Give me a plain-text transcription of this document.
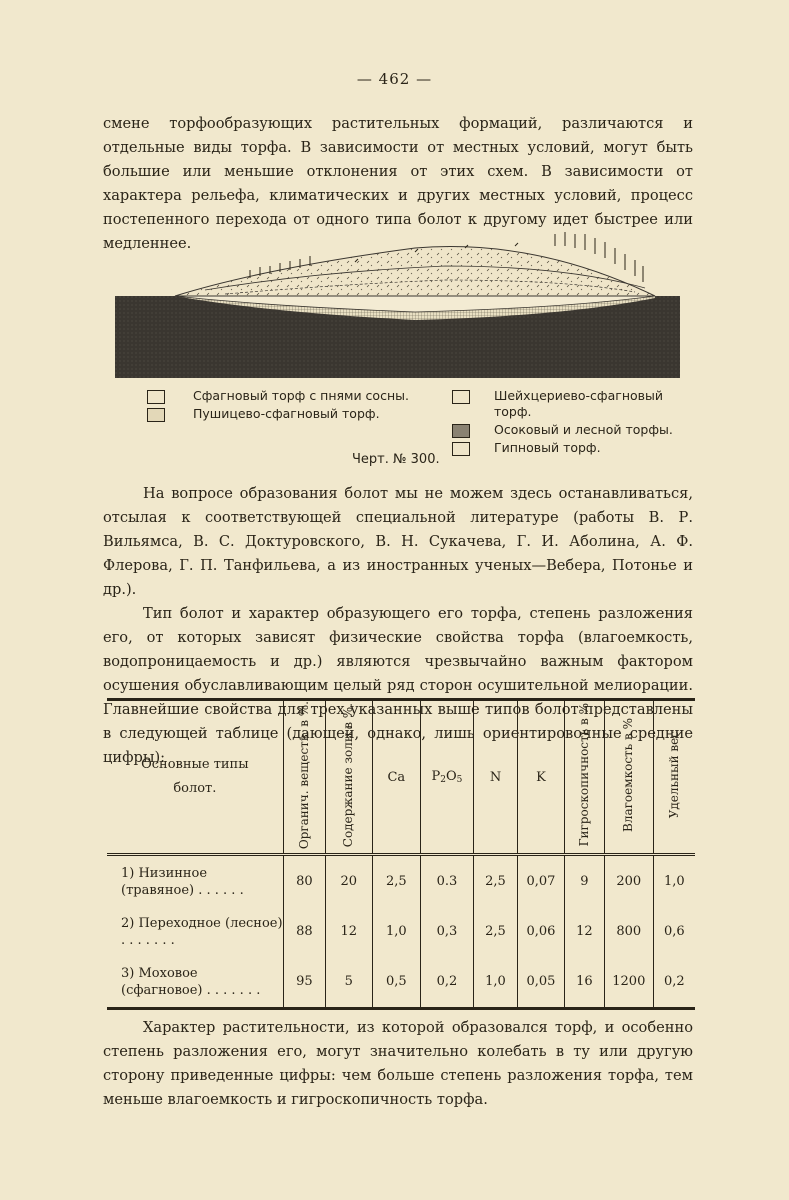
— 462 —

смене торфообразующих растительных формаций, различаются и отдельные виды торфа. В зависимости от местных условий, могут быть большие или меньшие отклонения от этих схем. В зависимости от характера рельефа, климатических и других местных условий, процесс постепенного перехода от одного типа болот к другому идет быстрее или медленнее.

Сфагновый торф с пнями сосны.
Пушицево-сфагновый торф.
Шейхцериево-сфагновый торф.
Осоковый и лесной торфы.
Гипновый торф.
Черт. № 300.

На вопросе образования болот мы не можем здесь останавливаться, отсылая к соответствующей специальной литературе (работы В. Р. Вильямса, В. С. Доктуровского, В. Н. Сукачева, Г. И. Аболина, А. Ф. Флерова, Г. П. Танфильева, а из иностранных ученых—Вебера, Потонье и др.).

Тип болот и характер образующего его торфа, степень разложения его, от которых зависят физические свойства торфа (влагоемкость, водопроницаемость и др.) являются чрезвычайно важным фактором осушения обуславливающим целый ряд сторон осушительной мелиорации. Главнейшие свойства для трех указанных выше типов болот представлены в следующей таблице (дающей, однако, лишь ориентировочные средние цифры):

Основные типы болот.	Органич. веществ. в %.	Содержание золы в %.	Ca	$P_2O_5$	N	K	Гигроскопичность в %	Влагоемкость в %	Удельный вес
1) Низинное (травяное) . . . . . .	80	20	2,5	0.3	2,5	0,07	9	200	1,0
2) Переходное (лесное) . . . . . . .	88	12	1,0	0,3	2,5	0,06	12	800	0,6
3) Моховое (сфагновое) . . . . . . .	95	5	0,5	0,2	1,0	0,05	16	1200	0,2

Характер растительности, из которой образовался торф, и особенно степень разложения его, могут значительно колебать в ту или другую сторону приведенные цифры: чем больше степень разложения торфа, тем меньше влагоемкость и гигроскопичность торфа.
